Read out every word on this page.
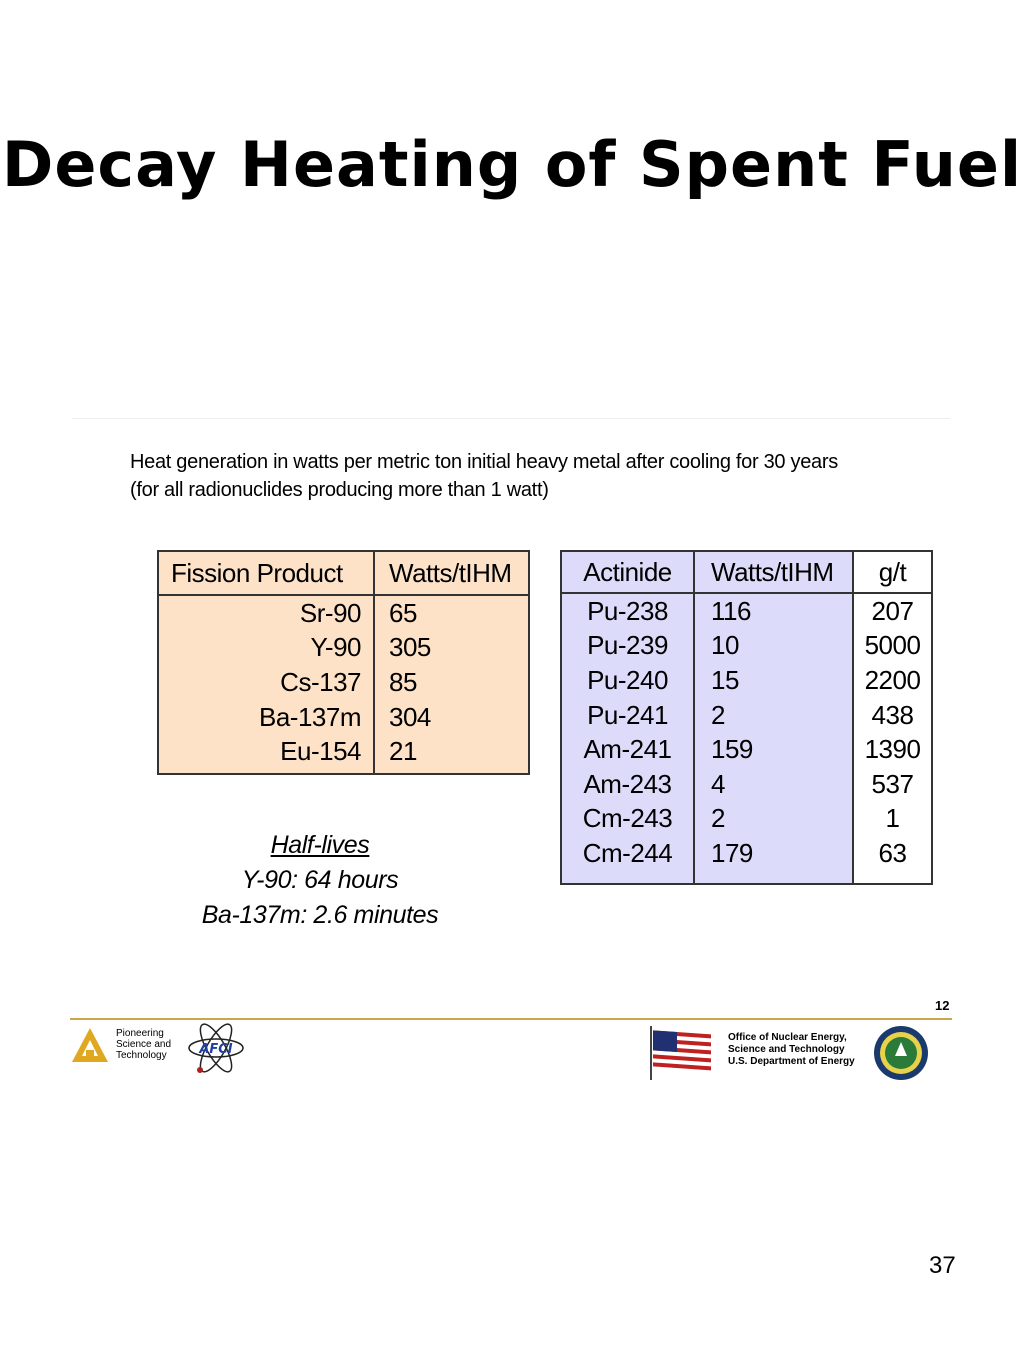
Decay Heating of Spent Fuel
Heat generation in watts per metric ton initial heavy metal after cooling for 30 years (for all radionuclides producing more than 1 watt)
Fission Product	Watts/tIHM
Sr-90	65
Y-90	305
Cs-137	85
Ba-137m	304
Eu-154	21
Actinide	Watts/tIHM	g/t
Pu-238	116	207
Pu-239	10	5000
Pu-240	15	2200
Pu-241	2	438
Am-241	159	1390
Am-243	4	537
Cm-243	2	1
Cm-244	179	63
Half-lives
Y-90: 64 hours
Ba-137m: 2.6 minutes
12
Pioneering
Science and
Technology	AFCI
Office of Nuclear Energy,
Science and Technology
U.S. Department of Energy
37
